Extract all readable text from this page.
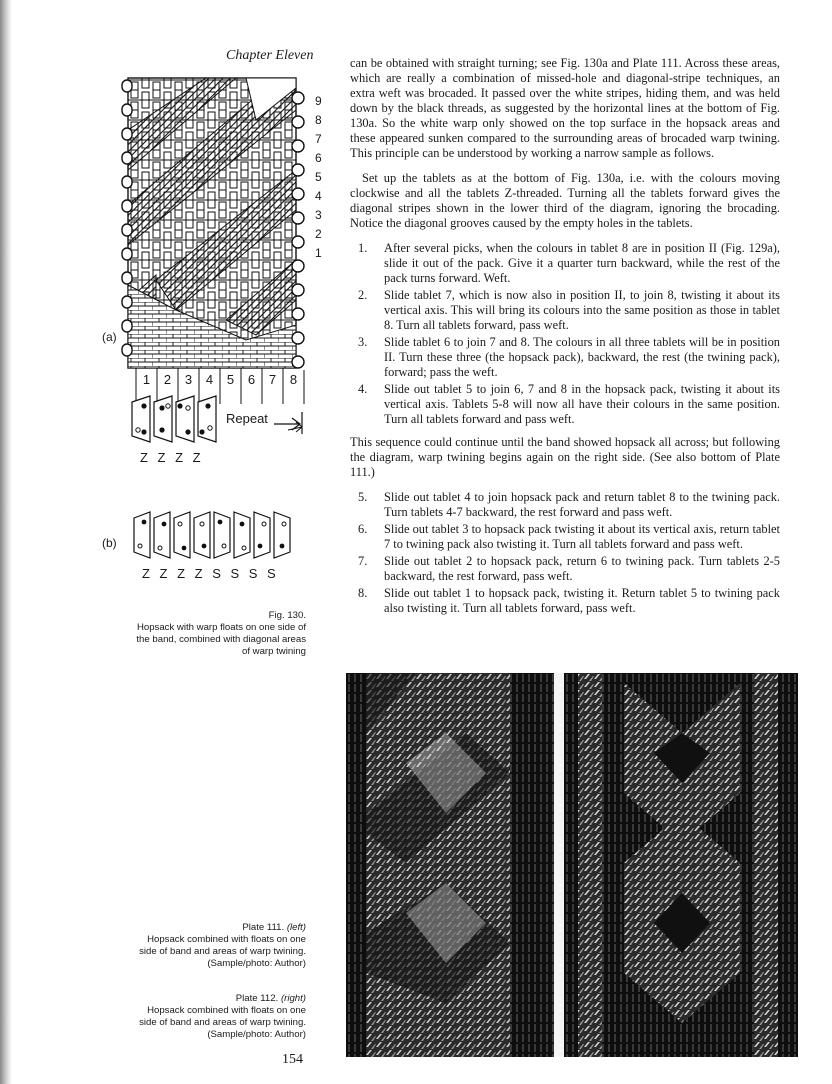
Chapter Eleven	can be obtained with straight turning; see Fig. 130a and Plate 111. Across these areas, which are really a combination of missed-hole and diagonal-stripe techniques, an extra weft was brocaded. It passed over the white stripes, hiding them, and was held down by the black threads, as suggested by the horizontal lines at the bottom of Fig. 130a. So the white warp only showed on the top surface in the hopsack areas and these appeared sunken compared to the surrounding areas of brocaded warp twining. This principle can be understood by working a narrow sample as follows.

Set up the tablets as at the bottom of Fig. 130a, i.e. with the colours moving clockwise and all the tablets Z-threaded. Turning all the tablets forward gives the diagonal stripes shown in the lower third of the diagram, ignoring the brocading. Notice the diagonal grooves caused by the empty holes in the tablets.

1. After several picks, when the colours in tablet 8 are in position II (Fig. 129a), slide it out of the pack. Give it a quarter turn backward, while the rest of the pack turns forward. Weft.
2. Slide tablet 7, which is now also in position II, to join 8, twisting it about its vertical axis. This will bring its colours into the same position as those in tablet 8. Turn all tablets forward, pass weft.
3. Slide tablet 6 to join 7 and 8. The colours in all three tablets will be in position II. Turn these three (the hopsack pack), backward, the rest (the twining pack), forward; pass the weft.
4. Slide out tablet 5 to join 6, 7 and 8 in the hopsack pack, twisting it about its vertical axis. Tablets 5-8 will now all have their colours in the same position. Turn all tablets forward and pass weft.

This sequence could continue until the band showed hopsack all across; but following the diagram, warp twining begins again on the right side. (See also bottom of Plate 111.)

5. Slide out tablet 4 to join hopsack pack and return tablet 8 to the twining pack. Turn tablets 4-7 backward, the rest forward and pass weft.
6. Slide out tablet 3 to hopsack pack twisting it about its vertical axis, return tablet 7 to twining pack also twisting it. Turn all tablets forward and pass weft.
7. Slide out tablet 2 to hopsack pack, return 6 to twining pack. Turn tablets 2-5 backward, the rest forward, pass weft.
8. Slide out tablet 1 to hopsack pack, twisting it. Return tablet 5 to twining pack also twisting it. Turn all tablets forward, pass weft.
9
8
7
6
5
4
3
2
1
(a)
1	2	3	4	5	6	7	8
Repeat
Z Z Z Z
(b)
Z Z Z Z S S S S
Fig. 130.
Hopsack with warp floats on one side of
the band, combined with diagonal areas
of warp twining
Plate 111. (left)
Hopsack combined with floats on one
side of band and areas of warp twining.
(Sample/photo: Author)
Plate 112. (right)
Hopsack combined with floats on one
side of band and areas of warp twining.
(Sample/photo: Author)
154
